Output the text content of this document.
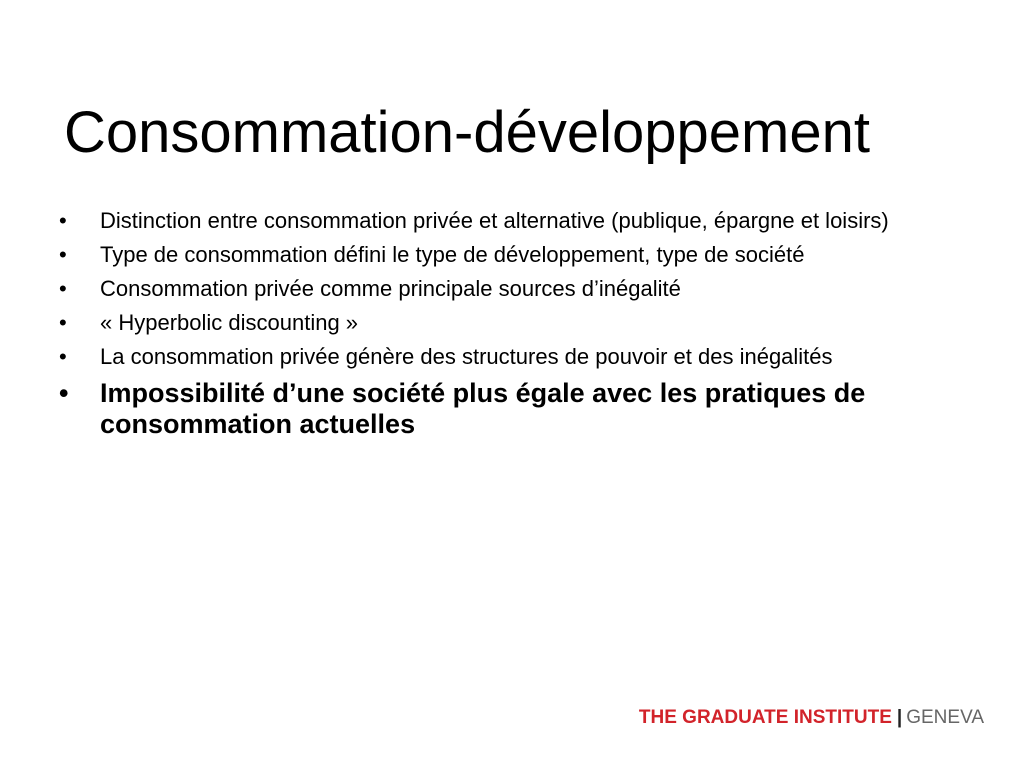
Consommation-développement
• Distinction entre consommation privée et alternative (publique, épargne et loisirs)
• Type de consommation défini le type de développement, type de société
• Consommation privée comme principale sources d’inégalité
• « Hyperbolic discounting »
• La consommation privée génère des structures de pouvoir et des inégalités
• Impossibilité d’une société plus égale avec les pratiques de consommation actuelles
THE GRADUATE INSTITUTE | GENEVA
